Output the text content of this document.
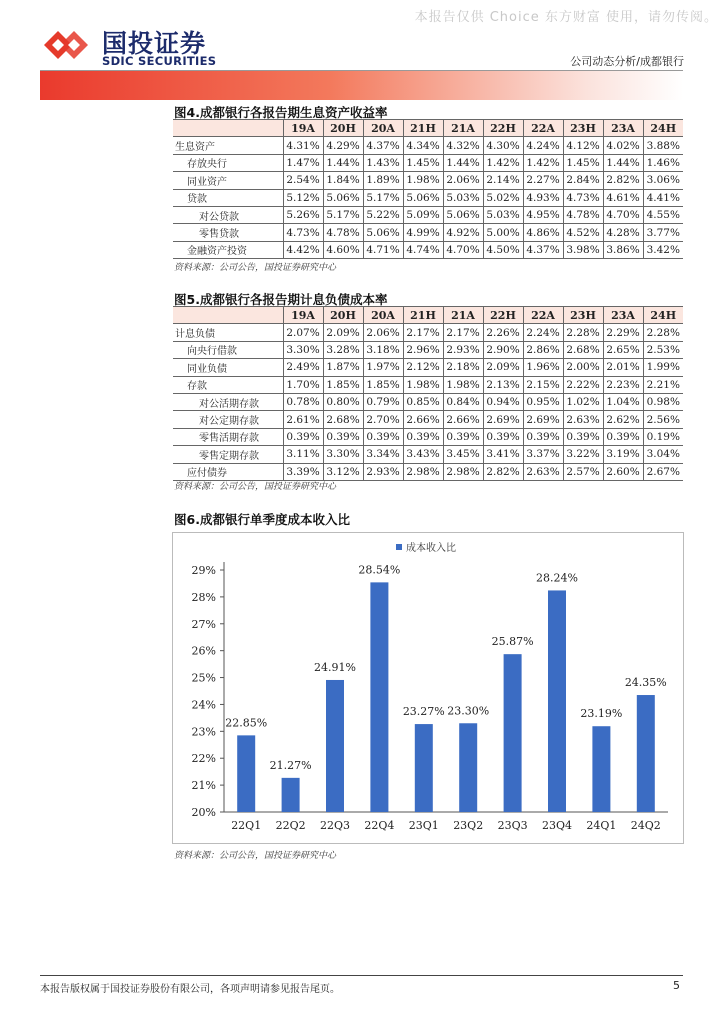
本报告仅供 Choice 东方财富 使用，请勿传阅。
国投证券
SDIC SECURITIES	公司动态分析/成都银行
图4.成都银行各报告期生息资产收益率
	19A	20H	20A	21H	21A	22H	22A	23H	23A	24H
生息资产	4.31%	4.29%	4.37%	4.34%	4.32%	4.30%	4.24%	4.12%	4.02%	3.88%
存放央行	1.47%	1.44%	1.43%	1.45%	1.44%	1.42%	1.42%	1.45%	1.44%	1.46%
同业资产	2.54%	1.84%	1.89%	1.98%	2.06%	2.14%	2.27%	2.84%	2.82%	3.06%
贷款	5.12%	5.06%	5.17%	5.06%	5.03%	5.02%	4.93%	4.73%	4.61%	4.41%
对公贷款	5.26%	5.17%	5.22%	5.09%	5.06%	5.03%	4.95%	4.78%	4.70%	4.55%
零售贷款	4.73%	4.78%	5.06%	4.99%	4.92%	5.00%	4.86%	4.52%	4.28%	3.77%
金融资产投资	4.42%	4.60%	4.71%	4.74%	4.70%	4.50%	4.37%	3.98%	3.86%	3.42%
资料来源：公司公告，国投证券研究中心
图5.成都银行各报告期计息负债成本率
	19A	20H	20A	21H	21A	22H	22A	23H	23A	24H
计息负债	2.07%	2.09%	2.06%	2.17%	2.17%	2.26%	2.24%	2.28%	2.29%	2.28%
向央行借款	3.30%	3.28%	3.18%	2.96%	2.93%	2.90%	2.86%	2.68%	2.65%	2.53%
同业负债	2.49%	1.87%	1.97%	2.12%	2.18%	2.09%	1.96%	2.00%	2.01%	1.99%
存款	1.70%	1.85%	1.85%	1.98%	1.98%	2.13%	2.15%	2.22%	2.23%	2.21%
对公活期存款	0.78%	0.80%	0.79%	0.85%	0.84%	0.94%	0.95%	1.02%	1.04%	0.98%
对公定期存款	2.61%	2.68%	2.70%	2.66%	2.66%	2.69%	2.69%	2.63%	2.62%	2.56%
零售活期存款	0.39%	0.39%	0.39%	0.39%	0.39%	0.39%	0.39%	0.39%	0.39%	0.19%
零售定期存款	3.11%	3.30%	3.34%	3.43%	3.45%	3.41%	3.37%	3.22%	3.19%	3.04%
应付债券	3.39%	3.12%	2.93%	2.98%	2.98%	2.82%	2.63%	2.57%	2.60%	2.67%
资料来源：公司公告，国投证券研究中心
图6.成都银行单季度成本收入比
成本收入比
20%
21%
22%
23%
24%
25%
26%
27%
28%
29%
22.85%
22Q1
21.27%
22Q2
24.91%
22Q3
28.54%
22Q4
23.27%
23Q1
23.30%
23Q2
25.87%
23Q3
28.24%
23Q4
23.19%
24Q1
24.35%
24Q2
资料来源：公司公告，国投证券研究中心
本报告版权属于国投证券股份有限公司，各项声明请参见报告尾页。	5
